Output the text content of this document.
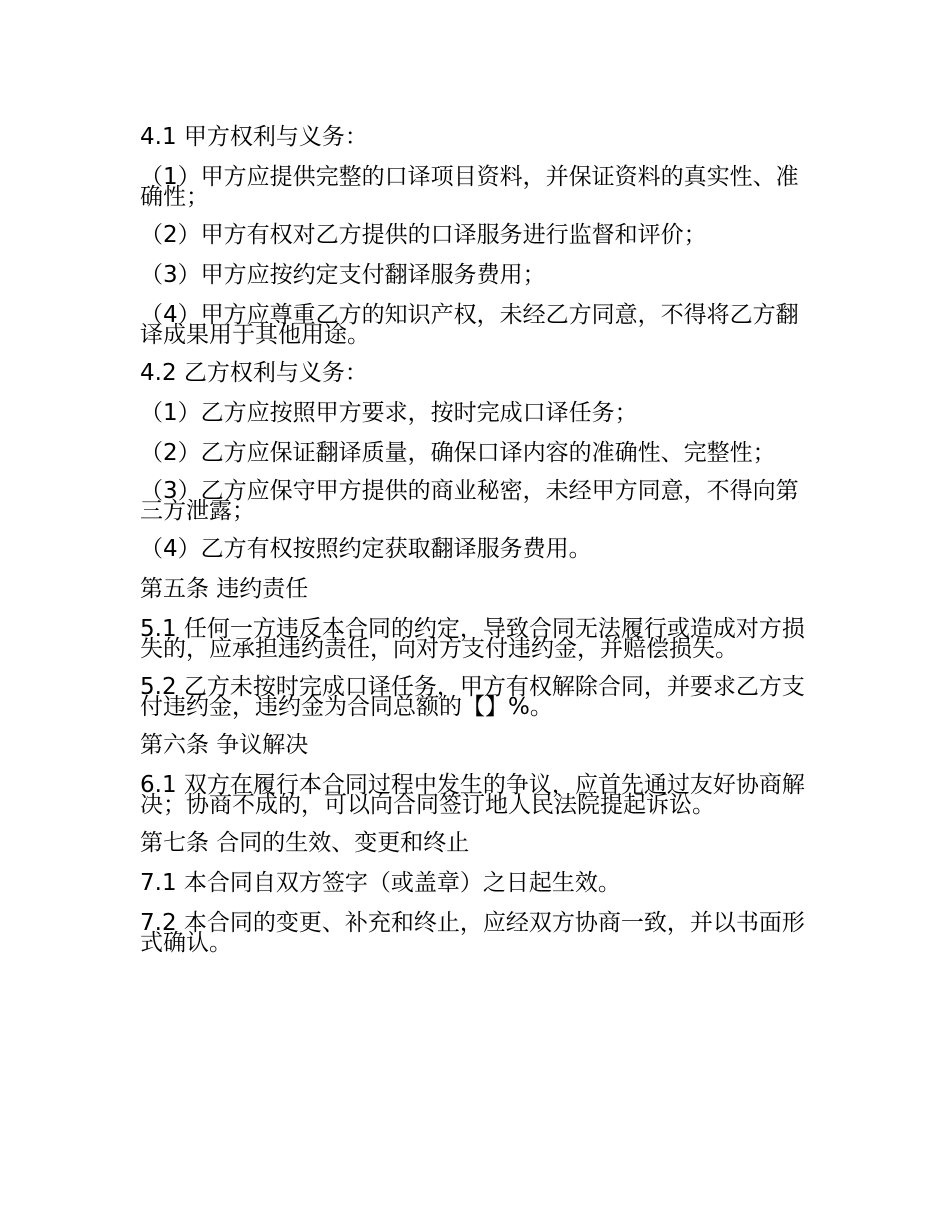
4.1 甲方权利与义务：

（1）甲方应提供完整的口译项目资料，并保证资料的真实性、准确性；

（2）甲方有权对乙方提供的口译服务进行监督和评价；

（3）甲方应按约定支付翻译服务费用；

（4）甲方应尊重乙方的知识产权，未经乙方同意，不得将乙方翻译成果用于其他用途。

4.2 乙方权利与义务：

（1）乙方应按照甲方要求，按时完成口译任务；

（2）乙方应保证翻译质量，确保口译内容的准确性、完整性；

（3）乙方应保守甲方提供的商业秘密，未经甲方同意，不得向第三方泄露；

（4）乙方有权按照约定获取翻译服务费用。

第五条 违约责任

5.1 任何一方违反本合同的约定，导致合同无法履行或造成对方损失的，应承担违约责任，向对方支付违约金，并赔偿损失。

5.2 乙方未按时完成口译任务，甲方有权解除合同，并要求乙方支付违约金，违约金为合同总额的【】%。

第六条 争议解决

6.1 双方在履行本合同过程中发生的争议，应首先通过友好协商解决；协商不成的，可以向合同签订地人民法院提起诉讼。

第七条 合同的生效、变更和终止

7.1 本合同自双方签字（或盖章）之日起生效。

7.2 本合同的变更、补充和终止，应经双方协商一致，并以书面形式确认。
